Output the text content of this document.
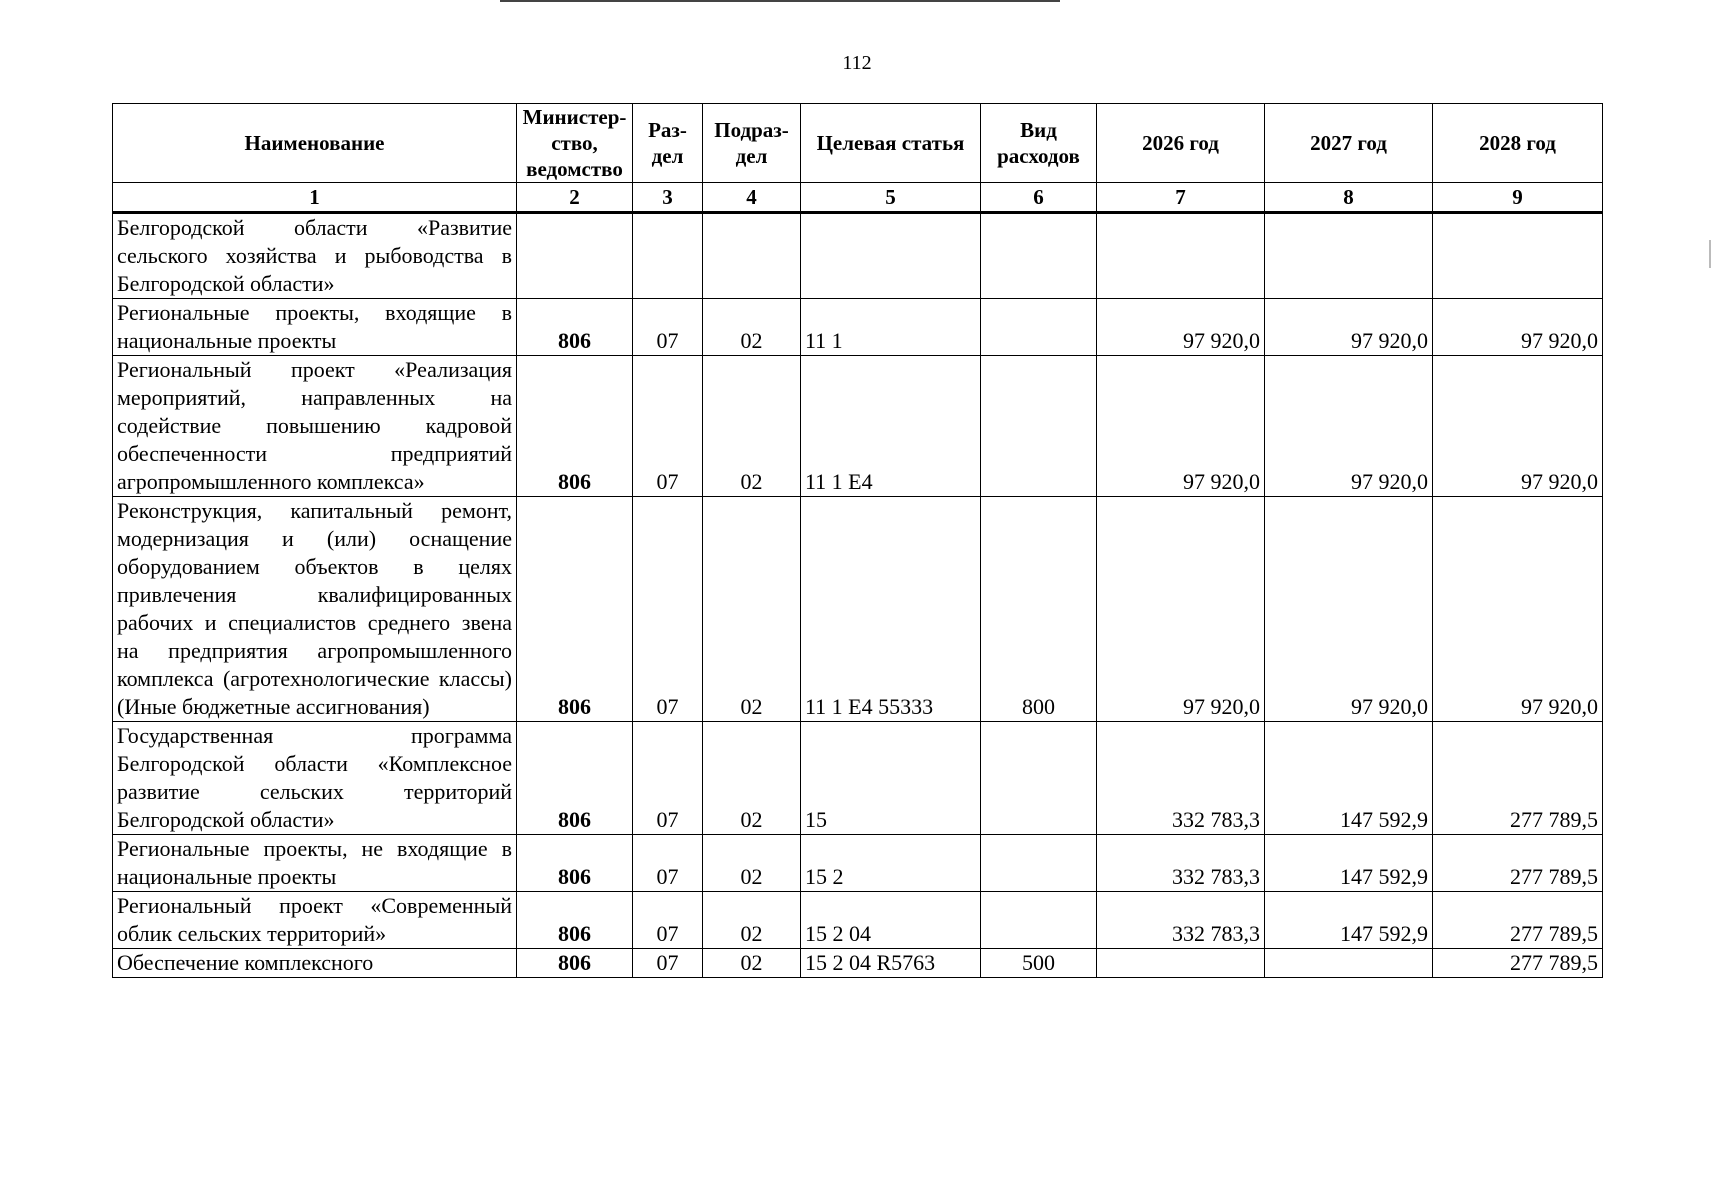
112
Наименование	Министер-ство, ведомство	Раз-дел	Подраз-дел	Целевая статья	Вид расходов	2026 год	2027 год	2028 год
1	2	3	4	5	6	7	8	9
Белгородской области «Развитие сельского хозяйства и рыбоводства в Белгородской области»								
Региональные проекты, входящие в национальные проекты	806	07	02	11 1		97 920,0	97 920,0	97 920,0
Региональный проект «Реализация мероприятий, направленных на содействие повышению кадровой обеспеченности предприятий агропромышленного комплекса»	806	07	02	11 1 Е4		97 920,0	97 920,0	97 920,0
Реконструкция, капитальный ремонт, модернизация и (или) оснащение оборудованием объектов в целях привлечения квалифицированных рабочих и специалистов среднего звена на предприятия агропромышленного комплекса (агротехнологические классы) (Иные бюджетные ассигнования)	806	07	02	11 1 Е4 55333	800	97 920,0	97 920,0	97 920,0
Государственная программа Белгородской области «Комплексное развитие сельских территорий Белгородской области»	806	07	02	15		332 783,3	147 592,9	277 789,5
Региональные проекты, не входящие в национальные проекты	806	07	02	15 2		332 783,3	147 592,9	277 789,5
Региональный проект «Современный облик сельских территорий»	806	07	02	15 2 04		332 783,3	147 592,9	277 789,5
Обеспечение комплексного	806	07	02	15 2 04 R5763	500			277 789,5
